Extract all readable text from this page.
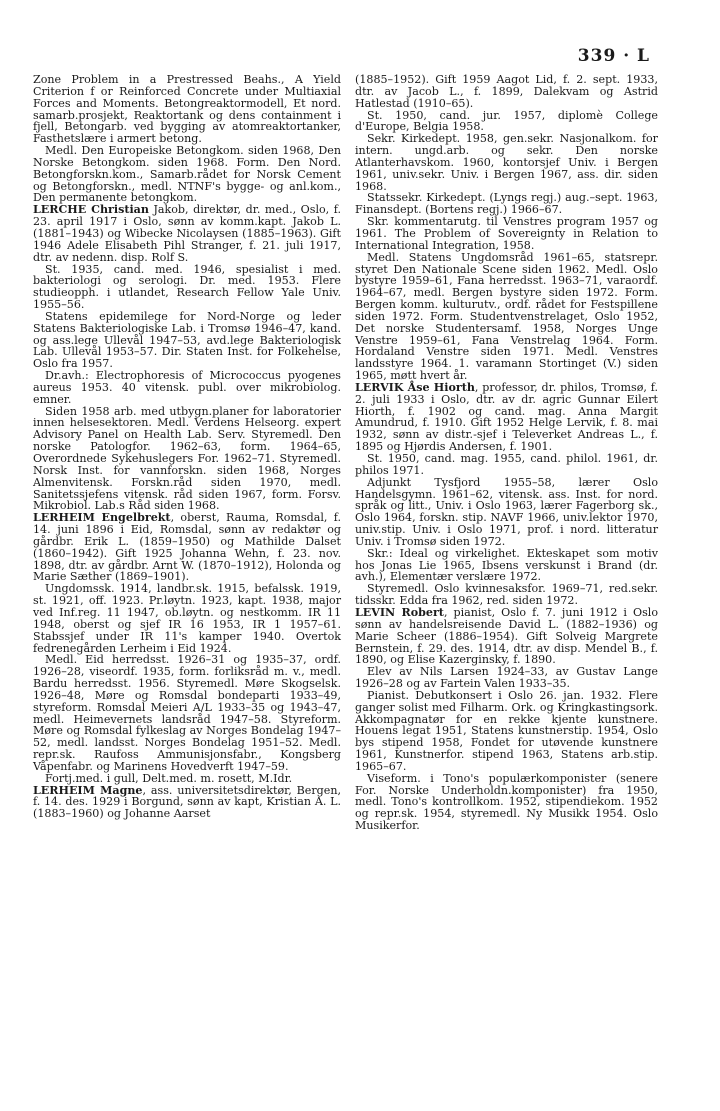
339 · L

Zone Problem in a Prestressed Beahs., A Yield Criterion f or Reinforced Concrete under Multiaxial Forces and Moments. Betongreaktormodell, Et nord. samarb.prosjekt, Reaktortank og dens containment i fjell, Betongarb. ved bygging av atomreaktortanker, Fasthetslære i armert betong.

Medl. Den Europeiske Betongkom. siden 1968, Den Norske Betongkom. siden 1968. Form. Den Nord. Betongforskn.kom., Samarb.rådet for Norsk Cement og Betongforskn., medl. NTNF's bygge- og anl.kom., Den permanente betongkom.

LERCHE Christian Jakob, direktør, dr. med., Oslo, f. 23. april 1917 i Oslo, sønn av komm.kapt. Jakob L. (1881–1943) og Wibecke Nicolaysen (1885–1963). Gift 1946 Adele Elisabeth Pihl Stranger, f. 21. juli 1917, dtr. av nedenn. disp. Rolf S.

St. 1935, cand. med. 1946, spesialist i med. bakteriologi og serologi. Dr. med. 1953. Flere studieopph. i utlandet, Research Fellow Yale Univ. 1955–56.

Statens epidemilege for Nord-Norge og leder Statens Bakteriologiske Lab. i Tromsø 1946–47, kand. og ass.lege Ullevål 1947–53, avd.lege Bakteriologisk Lab. Ullevål 1953–57. Dir. Staten Inst. for Folkehelse, Oslo fra 1957.

Dr.avh.: Electrophoresis of Micrococcus pyogenes aureus 1953. 40 vitensk. publ. over mikrobiolog. emner.

Siden 1958 arb. med utbygn.planer for laboratorier innen helsesektoren. Medl. Verdens Helseorg. expert Advisory Panel on Health Lab. Serv. Styremedl. Den norske Patologfor. 1962–63, form. 1964–65, Overordnede Sykehuslegers For. 1962–71. Styremedl. Norsk Inst. for vannforskn. siden 1968, Norges Almenvitensk. Forskn.råd siden 1970, medl. Sanitetssjefens vitensk. råd siden 1967, form. Forsv. Mikrobiol. Lab.s Råd siden 1968.

LERHEIM Engelbrekt, oberst, Rauma, Romsdal, f. 14. juni 1896 i Eid, Romsdal, sønn av redaktør og gårdbr. Erik L. (1859–1950) og Mathilde Dalset (1860–1942). Gift 1925 Johanna Wehn, f. 23. nov. 1898, dtr. av gårdbr. Arnt W. (1870–1912), Holonda og Marie Sæther (1869–1901).

Ungdomssk. 1914, landbr.sk. 1915, befalssk. 1919, st. 1921, off. 1923. Pr.løytn. 1923, kapt. 1938, major ved Inf.reg. 11 1947, ob.løytn. og nestkomm. IR 11 1948, oberst og sjef IR 16 1953, IR 1 1957–61. Stabssjef under IR 11's kamper 1940. Overtok fedrenegården Lerheim i Eid 1924.

Medl. Eid herredsst. 1926–31 og 1935–37, ordf. 1926–28, viseordf. 1935, form. forliksråd m. v., medl. Bardu herredsst. 1956. Styremedl. Møre Skogselsk. 1926–48, Møre og Romsdal bondeparti 1933–49, styreform. Romsdal Meieri A/L 1933–35 og 1943–47, medl. Heimevernets landsråd 1947–58. Styreform. Møre og Romsdal fylkeslag av Norges Bondelag 1947–52, medl. landsst. Norges Bondelag 1951–52. Medl. repr.sk. Raufoss Ammunisjonsfabr., Kongsberg Våpenfabr. og Marinens Hovedverft 1947–59.

Fortj.med. i gull, Delt.med. m. rosett, M.Idr.

LERHEIM Magne, ass. universitetsdirektør, Bergen, f. 14. des. 1929 i Borgund, sønn av kapt, Kristian A. L. (1883–1960) og Johanne Aarset

(1885–1952). Gift 1959 Aagot Lid, f. 2. sept. 1933, dtr. av Jacob L., f. 1899, Dalekvam og Astrid Hatlestad (1910–65).

St. 1950, cand. jur. 1957, diplomè College d'Europe, Belgia 1958.

Sekr. Kirkedept. 1958, gen.sekr. Nasjonalkom. for intern. ungd.arb. og sekr. Den norske Atlanterhavskom. 1960, kontorsjef Univ. i Bergen 1961, univ.sekr. Univ. i Bergen 1967, ass. dir. siden 1968.

Statssekr. Kirkedept. (Lyngs regj.) aug.–sept. 1963, Finansdept. (Bortens regj.) 1966–67.

Skr. kommentarutg. til Venstres program 1957 og 1961. The Problem of Sovereignty in Relation to International Integration, 1958.

Medl. Statens Ungdomsråd 1961–65, statsrepr. styret Den Nationale Scene siden 1962. Medl. Oslo bystyre 1959–61, Fana herredsst. 1963–71, varaordf. 1964–67, medl. Bergen bystyre siden 1972. Form. Bergen komm. kulturutv., ordf. rådet for Festspillene siden 1972. Form. Studentvenstrelaget, Oslo 1952, Det norske Studentersamf. 1958, Norges Unge Venstre 1959–61, Fana Venstrelag 1964. Form. Hordaland Venstre siden 1971. Medl. Venstres landsstyre 1964. 1. varamann Stortinget (V.) siden 1965, møtt hvert år.

LERVIK Åse Hiorth, professor, dr. philos, Tromsø, f. 2. juli 1933 i Oslo, dtr. av dr. agric Gunnar Eilert Hiorth, f. 1902 og cand. mag. Anna Margit Amundrud, f. 1910. Gift 1952 Helge Lervik, f. 8. mai 1932, sønn av distr.-sjef i Televerket Andreas L., f. 1895 og Hjørdis Andersen, f. 1901.

St. 1950, cand. mag. 1955, cand. philol. 1961, dr. philos 1971.

Adjunkt Tysfjord 1955–58, lærer Oslo Handelsgymn. 1961–62, vitensk. ass. Inst. for nord. språk og litt., Univ. i Oslo 1963, lærer Fagerborg sk., Oslo 1964, forskn. stip. NAVF 1966, univ.lektor 1970, univ.stip. Univ. i Oslo 1971, prof. i nord. litteratur Univ. i Tromsø siden 1972.

Skr.: Ideal og virkelighet. Ekteskapet som motiv hos Jonas Lie 1965, Ibsens verskunst i Brand (dr. avh.), Elementær verslære 1972.

Styremedl. Oslo kvinnesaksfor. 1969–71, red.sekr. tidsskr. Edda fra 1962, red. siden 1972.

LEVIN Robert, pianist, Oslo f. 7. juni 1912 i Oslo sønn av handelsreisende David L. (1882–1936) og Marie Scheer (1886–1954). Gift Solveig Margrete Bernstein, f. 29. des. 1914, dtr. av disp. Mendel B., f. 1890, og Elise Kazerginsky, f. 1890.

Elev av Nils Larsen 1924–33, av Gustav Lange 1926–28 og av Fartein Valen 1933–35.

Pianist. Debutkonsert i Oslo 26. jan. 1932. Flere ganger solist med Filharm. Ork. og Kringkastingsork. Akkompagnatør for en rekke kjente kunstnere. Houens legat 1951, Statens kunstnerstip. 1954, Oslo bys stipend 1958, Fondet for utøvende kunstnere 1961, Kunstnerfor. stipend 1963, Statens arb.stip. 1965–67.

Viseform. i Tono's populærkomponister (senere For. Norske Underholdn.komponister) fra 1950, medl. Tono's kontrollkom. 1952, stipendiekom. 1952 og repr.sk. 1954, styremedl. Ny Musikk 1954. Oslo Musikerfor.
